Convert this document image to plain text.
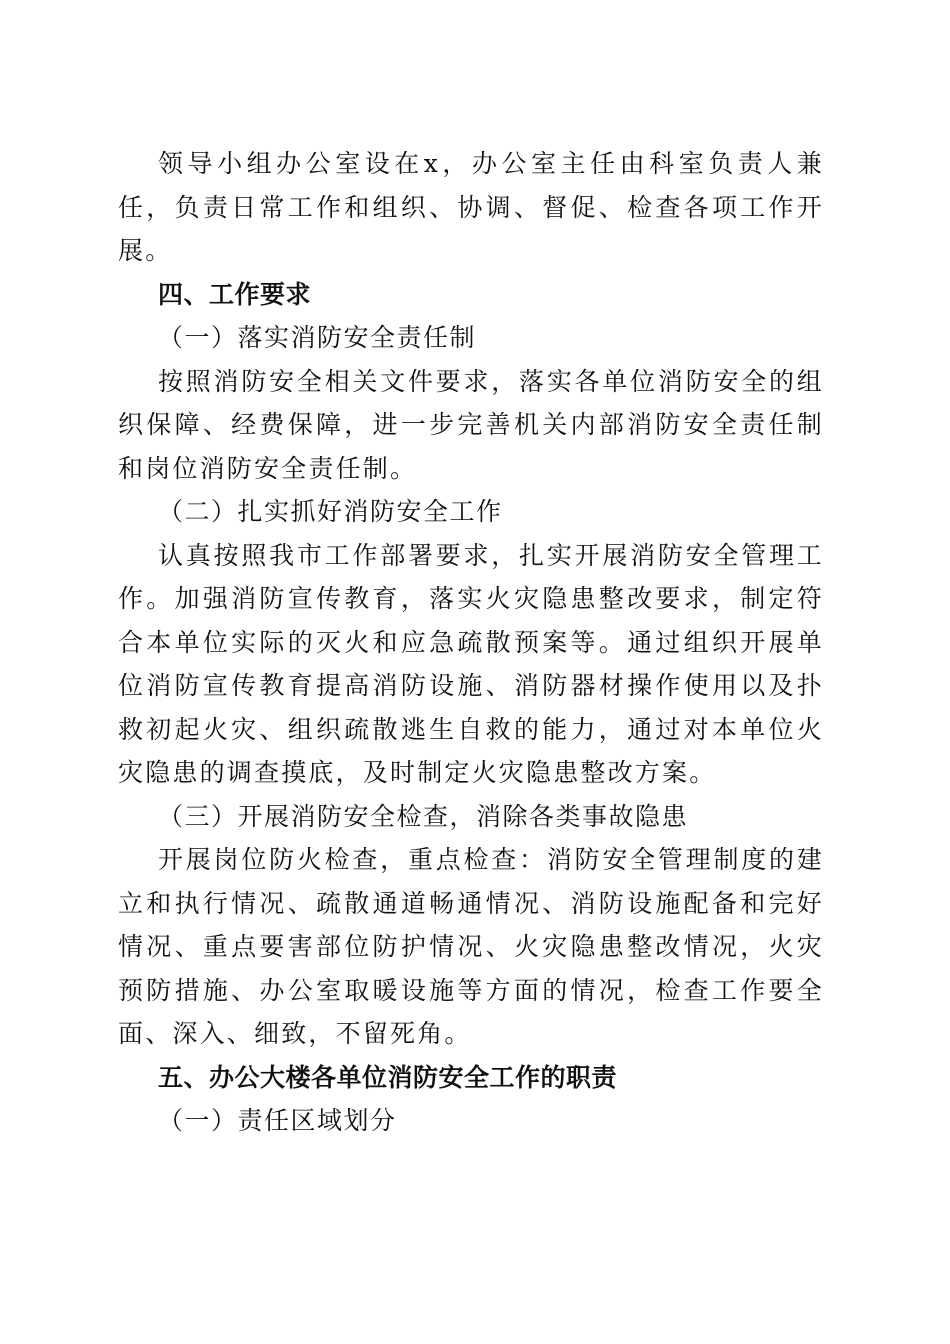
领导小组办公室设在x，办公室主任由科室负责人兼任，负责日常工作和组织、协调、督促、检查各项工作开展。

四、工作要求

（一）落实消防安全责任制

按照消防安全相关文件要求，落实各单位消防安全的组织保障、经费保障，进一步完善机关内部消防安全责任制和岗位消防安全责任制。

（二）扎实抓好消防安全工作

认真按照我市工作部署要求，扎实开展消防安全管理工作。加强消防宣传教育，落实火灾隐患整改要求，制定符合本单位实际的灭火和应急疏散预案等。通过组织开展单位消防宣传教育提高消防设施、消防器材操作使用以及扑救初起火灾、组织疏散逃生自救的能力，通过对本单位火灾隐患的调查摸底，及时制定火灾隐患整改方案。

（三）开展消防安全检查，消除各类事故隐患

开展岗位防火检查，重点检查：消防安全管理制度的建立和执行情况、疏散通道畅通情况、消防设施配备和完好情况、重点要害部位防护情况、火灾隐患整改情况，火灾预防措施、办公室取暖设施等方面的情况，检查工作要全面、深入、细致，不留死角。

五、办公大楼各单位消防安全工作的职责

（一）责任区域划分
